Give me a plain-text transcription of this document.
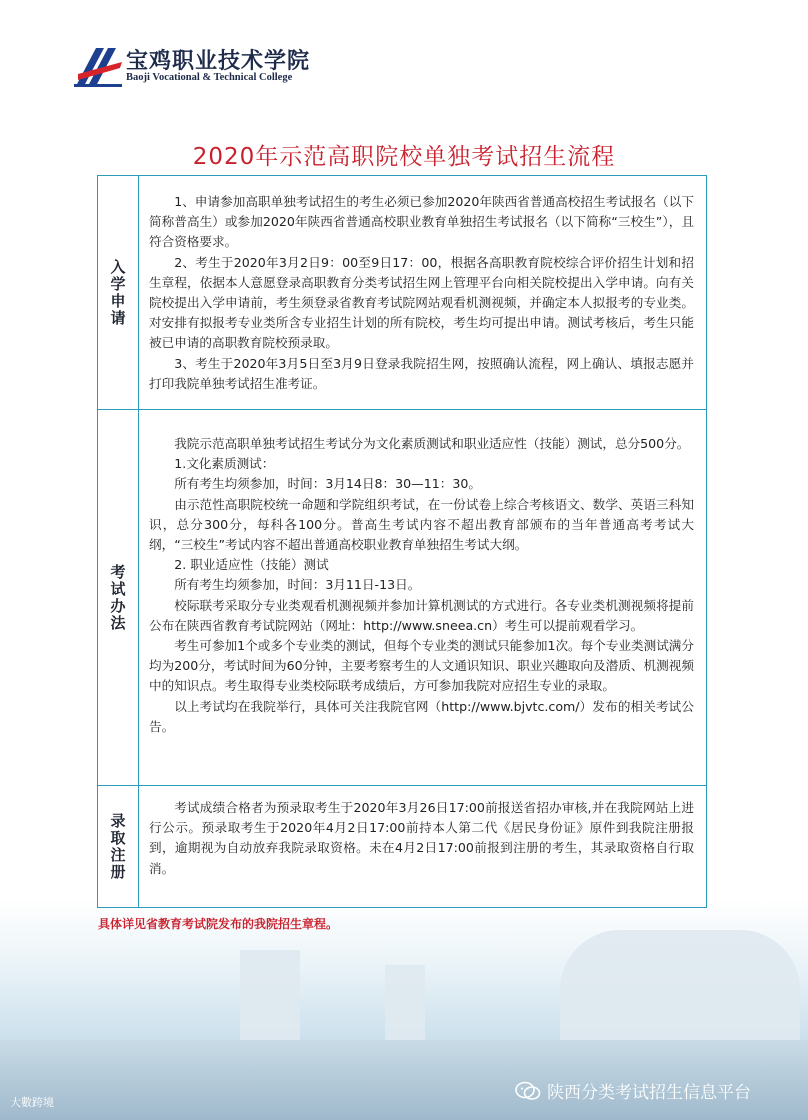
宝鸡职业技术学院
Baoji Vocational & Technical College
2020年示范高职院校单独考试招生流程
入学申请

1、申请参加高职单独考试招生的考生必须已参加2020年陕西省普通高校招生考试报名（以下简称普高生）或参加2020年陕西省普通高校职业教育单独招生考试报名（以下简称“三校生”），且符合资格要求。

2、考生于2020年3月2日9：00至9日17：00，根据各高职教育院校综合评价招生计划和招生章程，依据本人意愿登录高职教育分类考试招生网上管理平台向相关院校提出入学申请。向有关院校提出入学申请前，考生须登录省教育考试院网站观看机测视频，并确定本人拟报考的专业类。对安排有拟报考专业类所含专业招生计划的所有院校，考生均可提出申请。测试考核后，考生只能被已申请的高职教育院校预录取。

3、考生于2020年3月5日至3月9日登录我院招生网，按照确认流程，网上确认、填报志愿并打印我院单独考试招生准考证。

考试办法

我院示范高职单独考试招生考试分为文化素质测试和职业适应性（技能）测试，总分500分。

1.文化素质测试：

所有考生均须参加，时间：3月14日8：30—11：30。

由示范性高职院校统一命题和学院组织考试，在一份试卷上综合考核语文、数学、英语三科知识，总分300分，每科各100分。普高生考试内容不超出教育部颁布的当年普通高考考试大纲，“三校生”考试内容不超出普通高校职业教育单独招生考试大纲。

2. 职业适应性（技能）测试

所有考生均须参加，时间：3月11日-13日。

校际联考采取分专业类观看机测视频并参加计算机测试的方式进行。各专业类机测视频将提前公布在陕西省教育考试院网站（网址：http://www.sneea.cn）考生可以提前观看学习。

考生可参加1个或多个专业类的测试，但每个专业类的测试只能参加1次。每个专业类测试满分均为200分，考试时间为60分钟，主要考察考生的人文通识知识、职业兴趣取向及潜质、机测视频中的知识点。考生取得专业类校际联考成绩后，方可参加我院对应招生专业的录取。

以上考试均在我院举行，具体可关注我院官网（http://www.bjvtc.com/）发布的相关考试公告。

录取注册

考试成绩合格者为预录取考生于2020年3月26日17:00前报送省招办审核,并在我院网站上进行公示。预录取考生于2020年4月2日17:00前持本人第二代《居民身份证》原件到我院注册报到，逾期视为自动放弃我院录取资格。未在4月2日17:00前报到注册的考生，其录取资格自行取消。

具体详见省教育考试院发布的我院招生章程。
陕西分类考试招生信息平台
大數跨境
